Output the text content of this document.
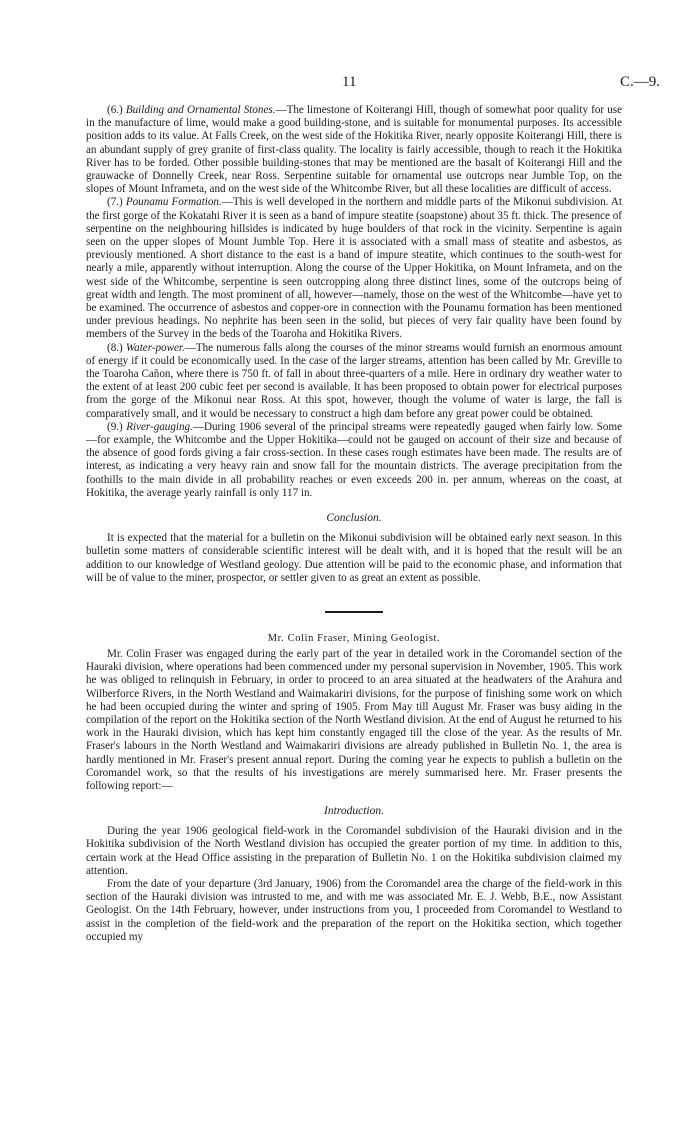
11	C.—9.

(6.) Building and Ornamental Stones.—The limestone of Koiterangi Hill, though of somewhat poor quality for use in the manufacture of lime, would make a good building-stone, and is suitable for monumental purposes. Its accessible position adds to its value. At Falls Creek, on the west side of the Hokitika River, nearly opposite Koiterangi Hill, there is an abundant supply of grey granite of first-class quality. The locality is fairly accessible, though to reach it the Hokitika River has to be forded. Other possible building-stones that may be mentioned are the basalt of Koiterangi Hill and the grauwacke of Donnelly Creek, near Ross. Serpentine suitable for ornamental use outcrops near Jumble Top, on the slopes of Mount Inframeta, and on the west side of the Whitcombe River, but all these localities are difficult of access.

(7.) Pounamu Formation.—This is well developed in the northern and middle parts of the Mikonui subdivision. At the first gorge of the Kokatahi River it is seen as a band of impure steatite (soapstone) about 35 ft. thick. The presence of serpentine on the neighbouring hillsides is indicated by huge boulders of that rock in the vicinity. Serpentine is again seen on the upper slopes of Mount Jumble Top. Here it is associated with a small mass of steatite and asbestos, as previously mentioned. A short distance to the east is a band of impure steatite, which continues to the south-west for nearly a mile, apparently without interruption. Along the course of the Upper Hokitika, on Mount Inframeta, and on the west side of the Whitcombe, serpentine is seen outcropping along three distinct lines, some of the outcrops being of great width and length. The most prominent of all, however—namely, those on the west of the Whitcombe—have yet to be examined. The occurrence of asbestos and copper-ore in connection with the Pounamu formation has been mentioned under previous headings. No nephrite has been seen in the solid, but pieces of very fair quality have been found by members of the Survey in the beds of the Toaroha and Hokitika Rivers.

(8.) Water-power.—The numerous falls along the courses of the minor streams would furnish an enormous amount of energy if it could be economically used. In the case of the larger streams, attention has been called by Mr. Greville to the Toaroha Cañon, where there is 750 ft. of fall in about three-quarters of a mile. Here in ordinary dry weather water to the extent of at least 200 cubic feet per second is available. It has been proposed to obtain power for electrical purposes from the gorge of the Mikonui near Ross. At this spot, however, though the volume of water is large, the fall is comparatively small, and it would be necessary to construct a high dam before any great power could be obtained.

(9.) River-gauging.—During 1906 several of the principal streams were repeatedly gauged when fairly low. Some—for example, the Whitcombe and the Upper Hokitika—could not be gauged on account of their size and because of the absence of good fords giving a fair cross-section. In these cases rough estimates have been made. The results are of interest, as indicating a very heavy rain and snow fall for the mountain districts. The average precipitation from the foothills to the main divide in all probability reaches or even exceeds 200 in. per annum, whereas on the coast, at Hokitika, the average yearly rainfall is only 117 in.

Conclusion.

It is expected that the material for a bulletin on the Mikonui subdivision will be obtained early next season. In this bulletin some matters of considerable scientific interest will be dealt with, and it is hoped that the result will be an addition to our knowledge of Westland geology. Due attention will be paid to the economic phase, and information that will be of value to the miner, prospector, or settler given to as great an extent as possible.

Mr. Colin Fraser, Mining Geologist.

Mr. Colin Fraser was engaged during the early part of the year in detailed work in the Coromandel section of the Hauraki division, where operations had been commenced under my personal supervision in November, 1905. This work he was obliged to relinquish in February, in order to proceed to an area situated at the headwaters of the Arahura and Wilberforce Rivers, in the North Westland and Waimakariri divisions, for the purpose of finishing some work on which he had been occupied during the winter and spring of 1905. From May till August Mr. Fraser was busy aiding in the compilation of the report on the Hokitika section of the North Westland division. At the end of August he returned to his work in the Hauraki division, which has kept him constantly engaged till the close of the year. As the results of Mr. Fraser's labours in the North Westland and Waimakariri divisions are already published in Bulletin No. 1, the area is hardly mentioned in Mr. Fraser's present annual report. During the coming year he expects to publish a bulletin on the Coromandel work, so that the results of his investigations are merely summarised here. Mr. Fraser presents the following report:—

Introduction.

During the year 1906 geological field-work in the Coromandel subdivision of the Hauraki division and in the Hokitika subdivision of the North Westland division has occupied the greater portion of my time. In addition to this, certain work at the Head Office assisting in the preparation of Bulletin No. 1 on the Hokitika subdivision claimed my attention.

From the date of your departure (3rd January, 1906) from the Coromandel area the charge of the field-work in this section of the Hauraki division was intrusted to me, and with me was associated Mr. E. J. Webb, B.E., now Assistant Geologist. On the 14th February, however, under instructions from you, I proceeded from Coromandel to Westland to assist in the completion of the field-work and the preparation of the report on the Hokitika section, which together occupied my
